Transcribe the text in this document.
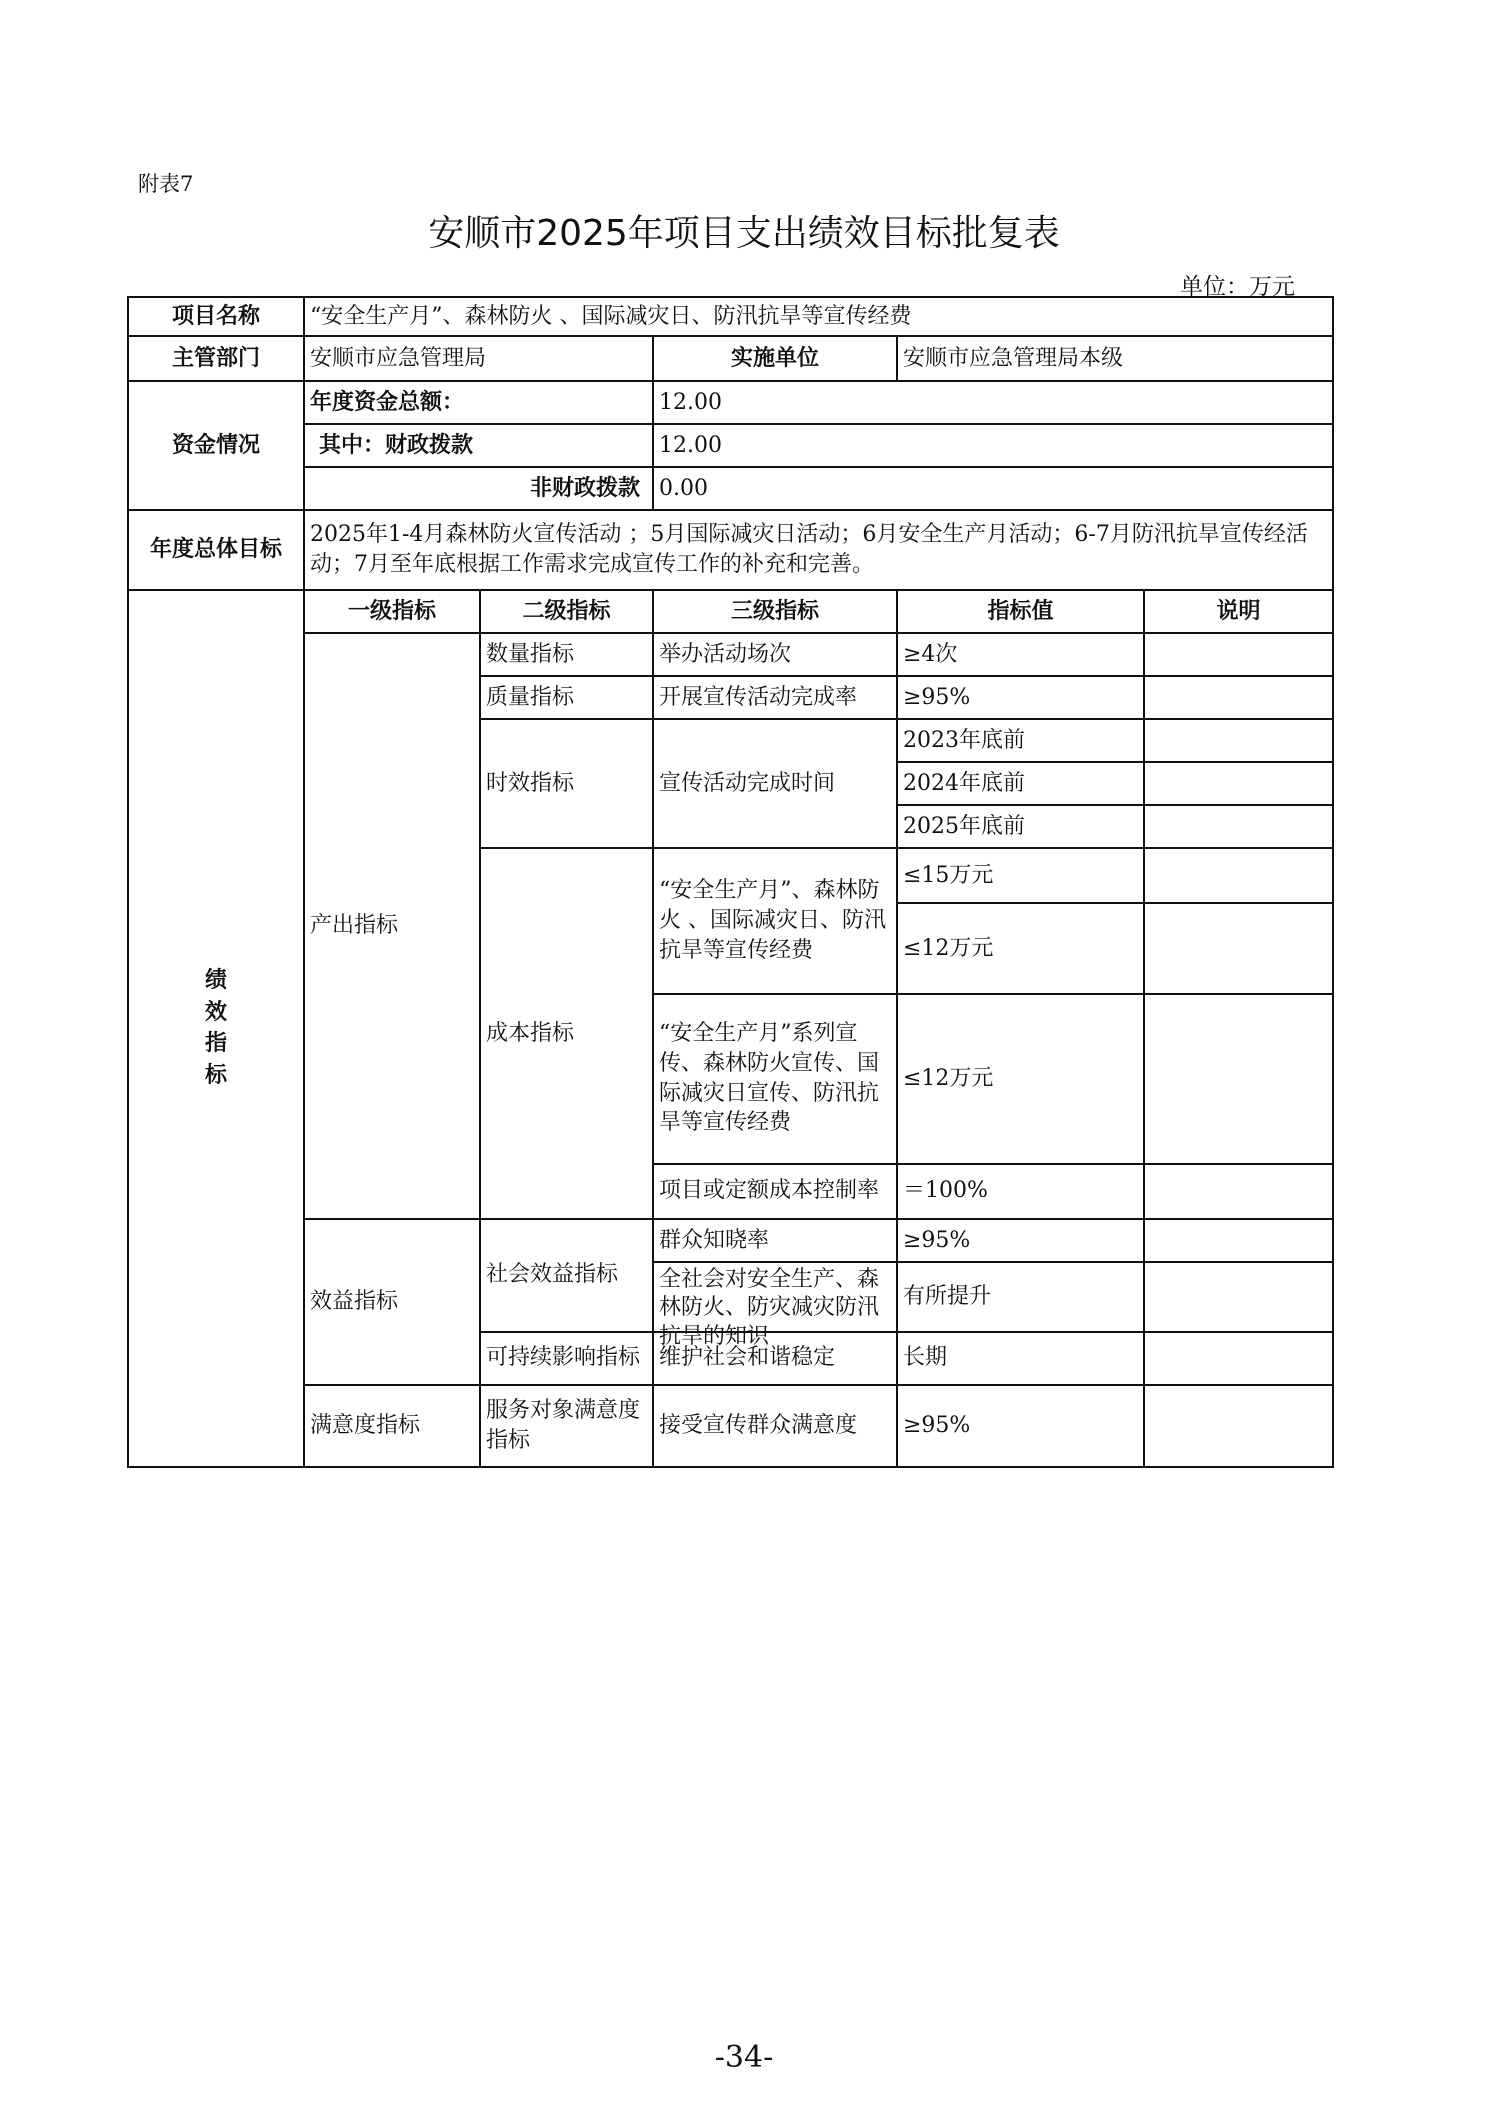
附表7
安顺市2025年项目支出绩效目标批复表
单位：万元
项目名称	“安全生产月”、森林防火 、国际减灾日、防汛抗旱等宣传经费				
主管部门	安顺市应急管理局		实施单位	安顺市应急管理局本级	
资金情况	年度资金总额：		12.00		
	其中：财政拨款		12.00		
	非财政拨款		0.00		
年度总体目标	2025年1-4月森林防火宣传活动 ；5月国际减灾日活动；6月安全生产月活动；6-7月防汛抗旱宣传经活动；7月至年底根据工作需求完成宣传工作的补充和完善。				

绩效指标	一级指标	二级指标	三级指标	指标值	说明
	产出指标	数量指标	举办活动场次	≥4次	
		质量指标	开展宣传活动完成率	≥95%	
		时效指标	宣传活动完成时间	2023年底前	
				2024年底前	
				2025年底前	
		成本指标	“安全生产月”、森林防火 、国际减灾日、防汛抗旱等宣传经费	≤15万元	
				≤12万元	
			“安全生产月”系列宣传、森林防火宣传、国际减灾日宣传、防汛抗旱等宣传经费	≤12万元	

			项目或定额成本控制率	＝100%	
	效益指标	社会效益指标	群众知晓率	≥95%	

			全社会对安全生产、森林防火、防灾减灾防汛抗旱的知识	有所提升	

		可持续影响指标	维护社会和谐稳定	长期	
	满意度指标	服务对象满意度指标	接受宣传群众满意度	≥95%	
-34-
